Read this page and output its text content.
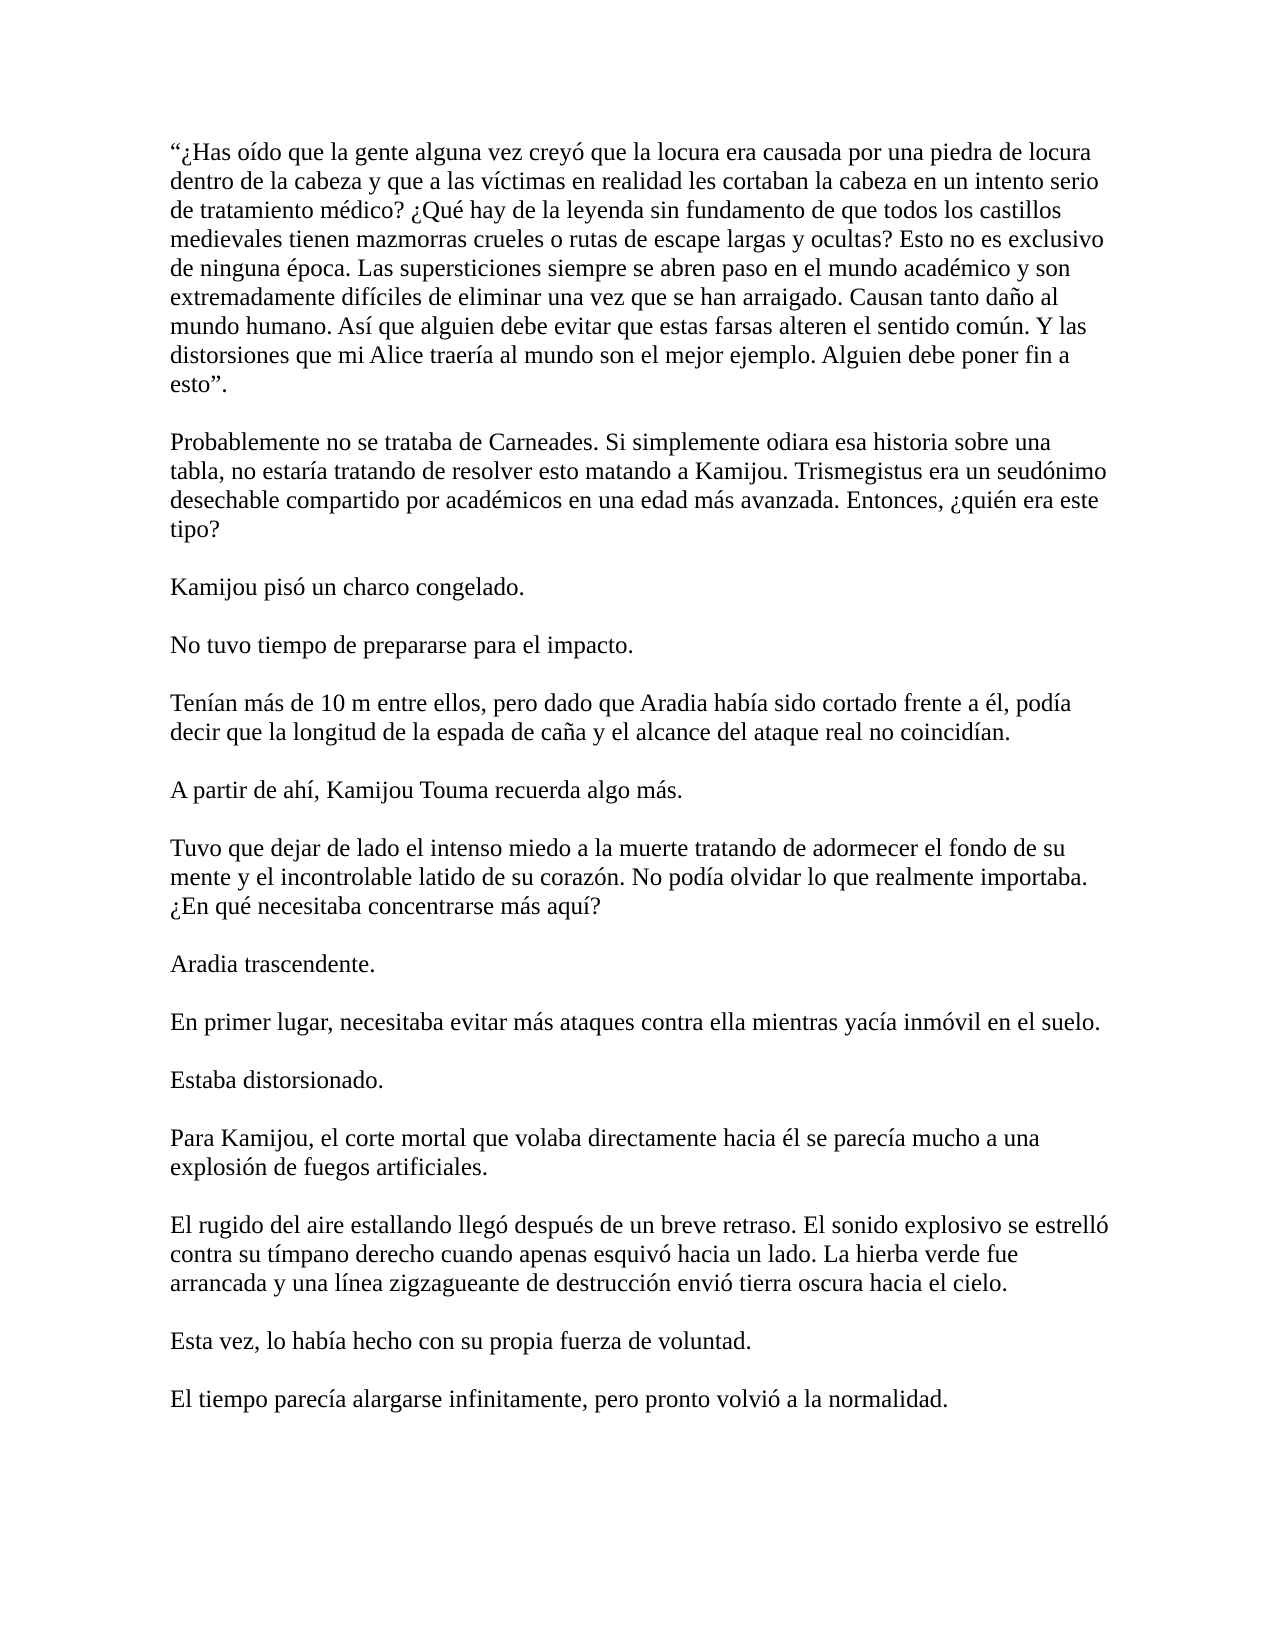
“¿Has oído que la gente alguna vez creyó que la locura era causada por una piedra de locura dentro de la cabeza y que a las víctimas en realidad les cortaban la cabeza en un intento serio de tratamiento médico? ¿Qué hay de la leyenda sin fundamento de que todos los castillos medievales tienen mazmorras crueles o rutas de escape largas y ocultas? Esto no es exclusivo de ninguna época. Las supersticiones siempre se abren paso en el mundo académico y son extremadamente difíciles de eliminar una vez que se han arraigado. Causan tanto daño al mundo humano. Así que alguien debe evitar que estas farsas alteren el sentido común. Y las distorsiones que mi Alice traería al mundo son el mejor ejemplo. Alguien debe poner fin a esto”.

Probablemente no se trataba de Carneades. Si simplemente odiara esa historia sobre una tabla, no estaría tratando de resolver esto matando a Kamijou. Trismegistus era un seudónimo desechable compartido por académicos en una edad más avanzada. Entonces, ¿quién era este tipo?

Kamijou pisó un charco congelado.

No tuvo tiempo de prepararse para el impacto.

Tenían más de 10 m entre ellos, pero dado que Aradia había sido cortado frente a él, podía decir que la longitud de la espada de caña y el alcance del ataque real no coincidían.

A partir de ahí, Kamijou Touma recuerda algo más.

Tuvo que dejar de lado el intenso miedo a la muerte tratando de adormecer el fondo de su mente y el incontrolable latido de su corazón. No podía olvidar lo que realmente importaba. ¿En qué necesitaba concentrarse más aquí?

Aradia trascendente.

En primer lugar, necesitaba evitar más ataques contra ella mientras yacía inmóvil en el suelo.

Estaba distorsionado.

Para Kamijou, el corte mortal que volaba directamente hacia él se parecía mucho a una explosión de fuegos artificiales.

El rugido del aire estallando llegó después de un breve retraso. El sonido explosivo se estrelló contra su tímpano derecho cuando apenas esquivó hacia un lado. La hierba verde fue arrancada y una línea zigzagueante de destrucción envió tierra oscura hacia el cielo.

Esta vez, lo había hecho con su propia fuerza de voluntad.

El tiempo parecía alargarse infinitamente, pero pronto volvió a la normalidad.
